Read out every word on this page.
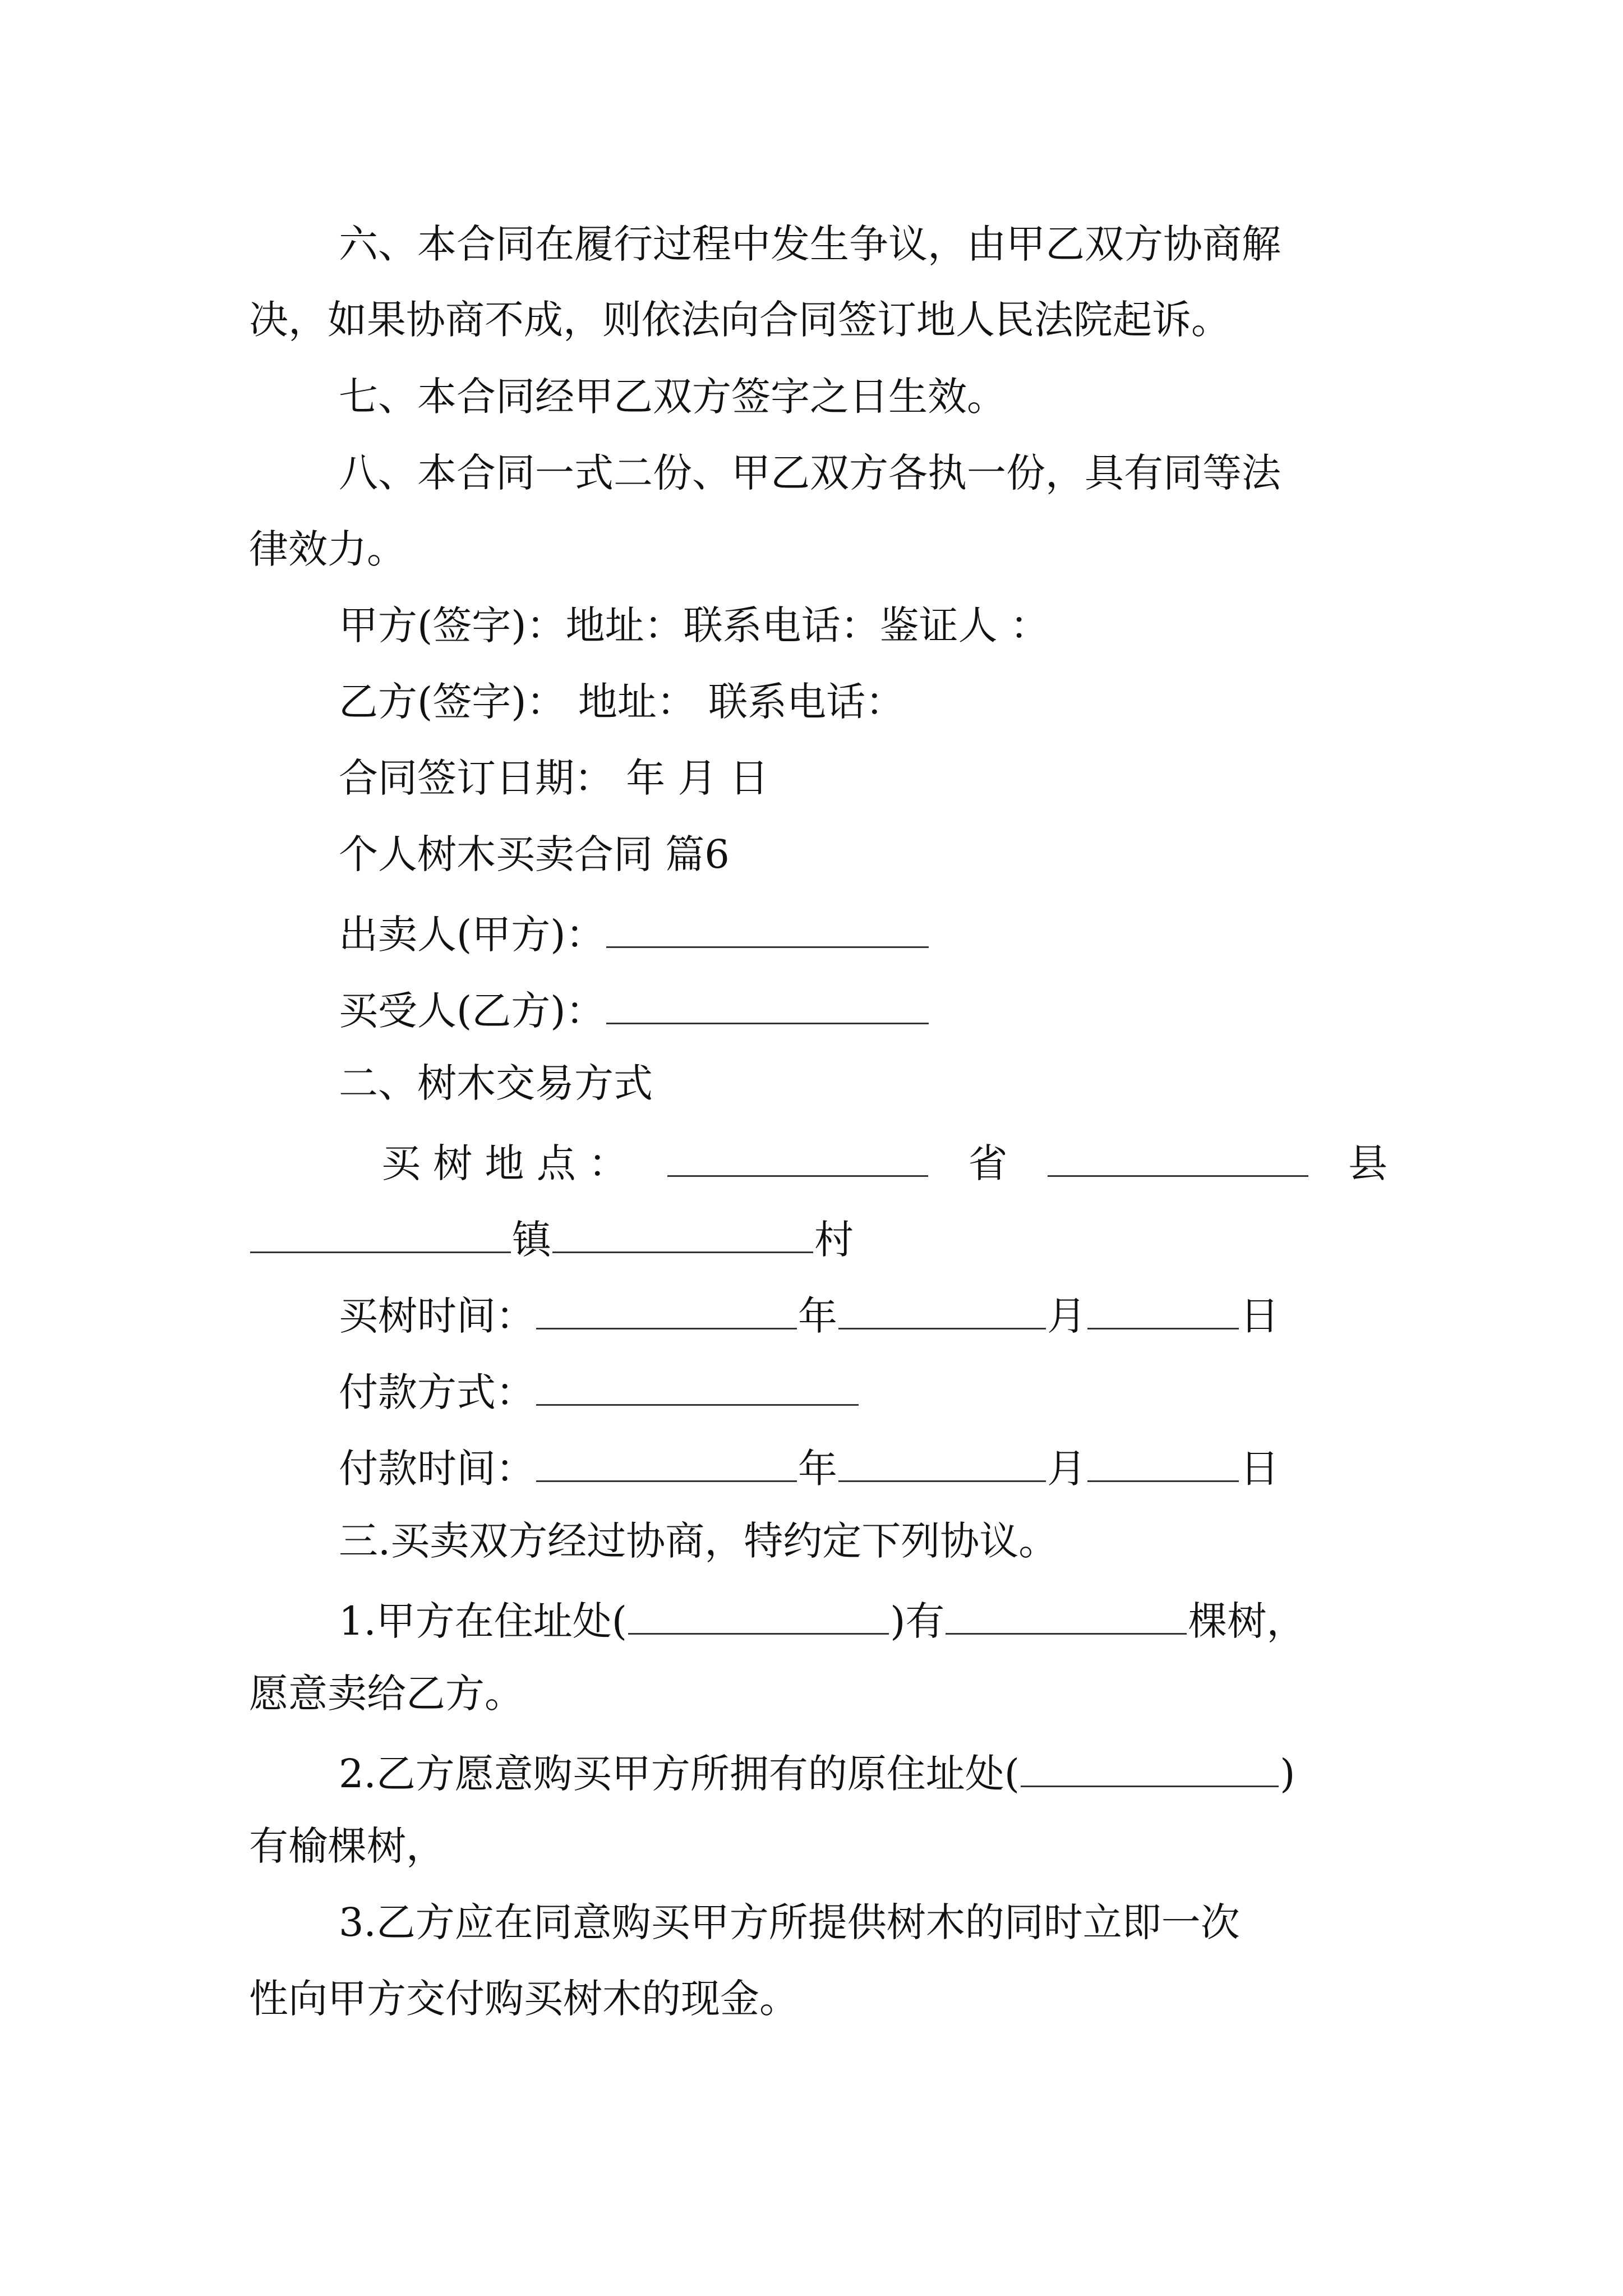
六、本合同在履行过程中发生争议，由甲乙双方协商解
决，如果协商不成，则依法向合同签订地人民法院起诉。
七、本合同经甲乙双方签字之日生效。
八、本合同一式二份、甲乙双方各执一份，具有同等法
律效力。
甲方(签字)：地址：联系电话：鉴证人 ：
乙方(签字)： 地址： 联系电话：
合同签订日期： 年 月 日
个人树木买卖合同 篇6
出卖人(甲方)：
买受人(乙方)：
二、树木交易方式
买 树 地 点 ：	省	县
镇	村
买树时间：	年	月	日
付款方式：
付款时间：	年	月	日
三.买卖双方经过协商，特约定下列协议。
1.甲方在住址处(	)有	棵树，
愿意卖给乙方。
2.乙方愿意购买甲方所拥有的原住址处(	)
有榆棵树，
3.乙方应在同意购买甲方所提供树木的同时立即一次
性向甲方交付购买树木的现金。
